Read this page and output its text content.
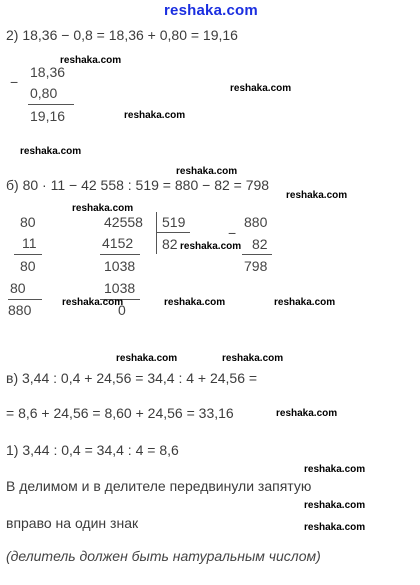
reshaka.com
2) 18,36 − 0,8 = 18,36 + 0,80 = 19,16
reshaka.com
−
18,36
0,80
19,16
reshaka.com
reshaka.com
reshaka.com
reshaka.com
б) 80 · 11 − 42 558 : 519 = 880 − 82 = 798
reshaka.com
reshaka.com
80
11
80
80
880
42558 519
4152 82
1038
1038
0
−
880
82
798
reshaka.com
reshaka.com	reshaka.com	reshaka.com
reshaka.com	reshaka.com
в) 3,44 : 0,4 + 24,56 = 34,4 : 4 + 24,56 =
= 8,6 + 24,56 = 8,60 + 24,56 = 33,16	reshaka.com
1) 3,44 : 0,4 = 34,4 : 4 = 8,6
reshaka.com
В делимом и в делителе передвинули запятую
reshaka.com
вправо на один знак	reshaka.com
(делитель должен быть натуральным числом)
